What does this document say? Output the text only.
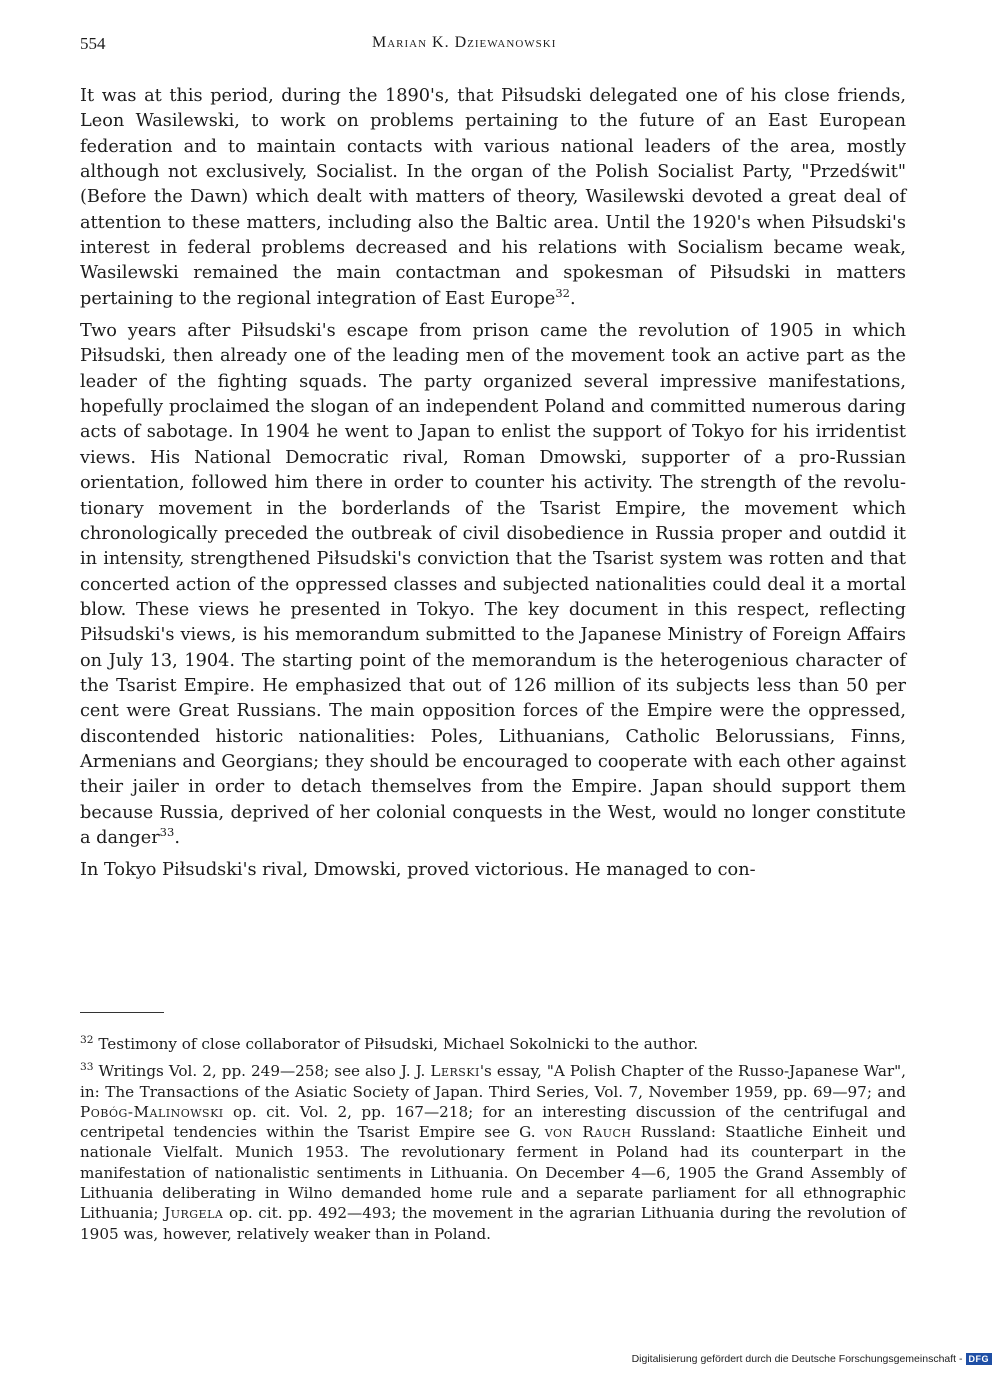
554	Marian K. Dziewanowski

It was at this period, during the 1890's, that Piłsudski delegated one of his close friends, Leon Wasilewski, to work on problems pertaining to the future of an East European federation and to maintain contacts with various national leaders of the area, mostly although not exclusively, Socialist. In the organ of the Polish Socialist Party, "Przedświt" (Before the Dawn) which dealt with matters of theory, Wasilewski devoted a great deal of attention to these matters, including also the Baltic area. Until the 1920's when Piłsudski's interest in federal problems decreased and his relations with Socialism became weak, Wasilewski remained the main contactman and spokesman of Piłsudski in matters pertaining to the regional integration of East Europe$^{32}$.

Two years after Piłsudski's escape from prison came the revolution of 1905 in which Piłsudski, then already one of the leading men of the movement took an active part as the leader of the fighting squads. The party organized several impressive manifestations, hopefully proclaimed the slogan of an independent Poland and committed numerous daring acts of sabotage. In 1904 he went to Japan to enlist the support of Tokyo for his irridentist views. His National Democratic rival, Roman Dmowski, supporter of a pro-Russian orientation, followed him there in order to counter his activity. The strength of the revolutionary movement in the borderlands of the Tsarist Empire, the movement which chronologically preceded the outbreak of civil disobedience in Russia proper and outdid it in intensity, strengthened Piłsudski's conviction that the Tsarist system was rotten and that concerted action of the oppressed classes and subjected nationalities could deal it a mortal blow. These views he presented in Tokyo. The key document in this respect, reflecting Piłsudski's views, is his memorandum submitted to the Japanese Ministry of Foreign Affairs on July 13, 1904. The starting point of the memorandum is the heterogenious character of the Tsarist Empire. He emphasized that out of 126 million of its subjects less than 50 per cent were Great Russians. The main opposition forces of the Empire were the oppressed, discontended historic nationalities: Poles, Lithuanians, Catholic Belorussians, Finns, Armenians and Georgians; they should be encouraged to cooperate with each other against their jailer in order to detach themselves from the Empire. Japan should support them because Russia, deprived of her colonial conquests in the West, would no longer constitute a danger$^{33}$.

In Tokyo Piłsudski's rival, Dmowski, proved victorious. He managed to con-

$^{32}$ Testimony of close collaborator of Piłsudski, Michael Sokolnicki to the author.

$^{33}$ Writings Vol. 2, pp. 249—258; see also J. J. Lerski's essay, "A Polish Chapter of the Russo-Japanese War", in: The Transactions of the Asiatic Society of Japan. Third Series, Vol. 7, November 1959, pp. 69—97; and Pobóg-Malinowski op. cit. Vol. 2, pp. 167—218; for an interesting discussion of the centrifugal and centripetal tendencies within the Tsarist Empire see G. von Rauch Russland: Staatliche Einheit und nationale Vielfalt. Munich 1953. The revolutionary ferment in Poland had its counterpart in the manifestation of nationalistic sentiments in Lithuania. On December 4—6, 1905 the Grand Assembly of Lithuania deliberating in Wilno demanded home rule and a separate parliament for all ethnographic Lithuania; Jurgela op. cit. pp. 492—493; the movement in the agrarian Lithuania during the revolution of 1905 was, however, relatively weaker than in Poland.

Digitalisierung gefördert durch die Deutsche Forschungsgemeinschaft - DFG
